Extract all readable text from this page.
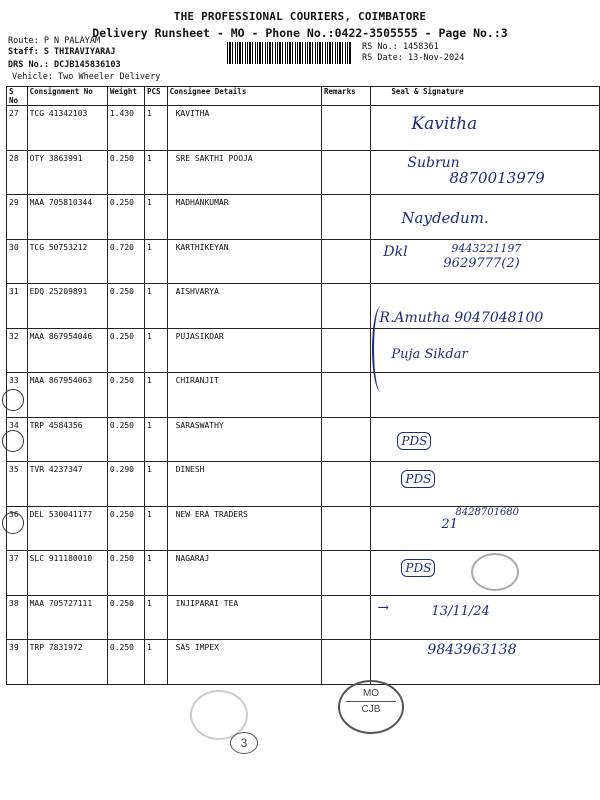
THE PROFESSIONAL COURIERS, COIMBATORE
Delivery Runsheet - MO - Phone No.:0422-3505555 - Page No.:3
Route: P N PALAYAM
Staff: S THIRAVIYARAJ
DRS No.: DCJB145836103
Vehicle: Two Wheeler Delivery
RS No.: 1458361
RS Date: 13-Nov-2024
S No	Consignment No	Weight	PCS	Consignee Details	Remarks	Seal & Signature
27	TCG 41342103	1.430	1	KAVITHA		Kavitha

28	OTY 3863991	0.250	1	SRE SAKTHI POOJA		Subrun
8870013979

29	MAA 705810344	0.250	1	MADHANKUMAR		Naydedum.

30	TCG 50753212	0.720	1	KARTHIKEYAN		Dkl 9443221197
9629777(2)

31	EDQ 25209891	0.250	1	AISHVARYA		R.Amutha 9047048100

32	MAA 867954046	0.250	1	PUJASIKDAR		Puja Sikdar

33	MAA 867954063	0.250	1	CHIRANJIT		
34	TRP 4584356	0.250	1	SARASWATHY		PDS

35	TVR 4237347	0.290	1	DINESH		PDS

36	DEL 530041177	0.250	1	NEW ERA TRADERS		21
8428701680

37	SLC 911180010	0.250	1	NAGARAJ		PDS

38	MAA 705727111	0.250	1	INJIPARAI TEA		→ 13/11/24

39	TRP 7831972	0.250	1	SAS IMPEX		9843963138
MO
CJB
3
